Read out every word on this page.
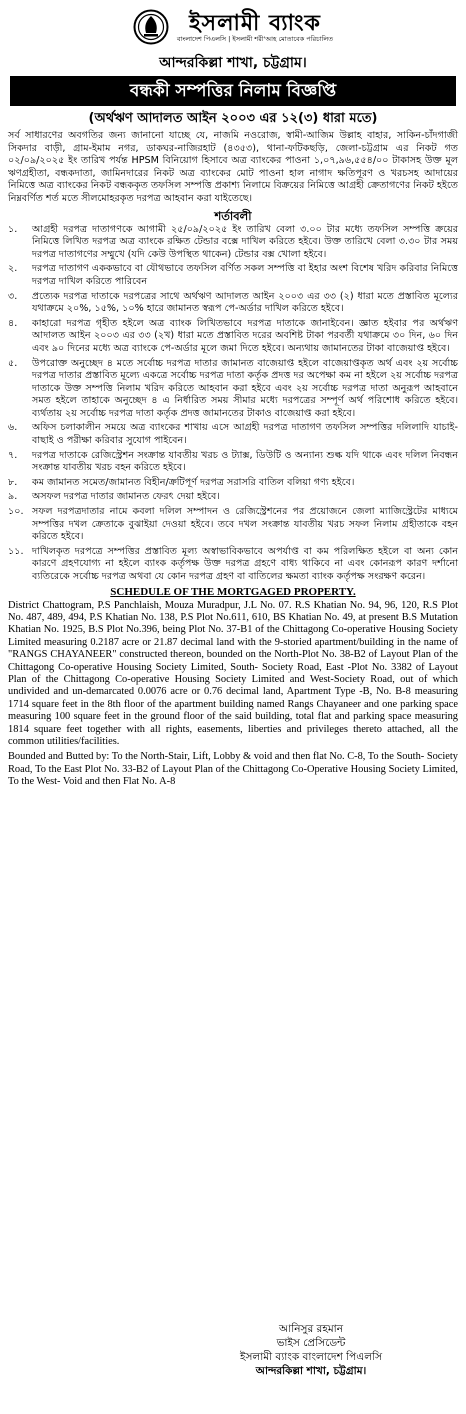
ইসলামী ব্যাংক
বাংলাদেশ পিএলসি | ইসলামী শরী'আহ মোতাবেক পরিচালিত
আন্দরকিল্লা শাখা, চট্টগ্রাম।
বন্ধকী সম্পত্তির নিলাম বিজ্ঞপ্তি
(অর্থঋণ আদালত আইন ২০০৩ এর ১২(৩) ধারা মতে)
সর্ব সাধারণের অবগতির জন্য জানানো যাচ্ছে যে, নাজমি নওরোজ, স্বামী-আজিম উল্লাহ বাহার, সাকিন-চাঁদগাজী সিকদার বাড়ী, গ্রাম-ইমাম নগর, ডাকঘর-নাজিরহাট (৪৩৫৩), থানা-ফটিকছড়ি, জেলা-চট্টগ্রাম এর নিকট গত ০২/০৯/২০২৫ ইং তারিখ পর্যন্ত HPSM বিনিয়োগ হিসাবে অত্র ব্যাংকের পাওনা ১,০৭,৯৬,৫৫৪/০০ টাকাসহ উক্ত মূল ঋণগ্রহীতা, বন্ধকদাতা, জামিনদারের নিকট অত্র ব্যাংকের মোট পাওনা হাল নাগাদ ক্ষতিপূরণ ও খরচসহ আদায়ের নিমিত্তে অত্র ব্যাংকের নিকট বন্ধককৃত তফসিল সম্পত্তি প্রকাশ্য নিলামে বিক্রয়ের নিমিত্তে আগ্রহী ক্রেতাগণের নিকট হইতে নিম্নবর্ণিত শর্ত মতে সীলমোহরকৃত দরপত্র আহবান করা যাইতেছে।
শর্তাবলী
১.	আগ্রহী দরপত্র দাতাগণকে আগামী ২৫/০৯/২০২৫ ইং তারিখ বেলা ৩.০০ টার মধ্যে তফসিল সম্পত্তি ক্রয়ের নিমিত্তে লিখিত দরপত্র অত্র ব্যাংকে রক্ষিত টেন্ডার বক্সে দাখিল করিতে হইবে। উক্ত তারিখে বেলা ৩.৩০ টার সময় দরপত্র দাতাগণের সম্মুখে (যদি কেউ উপস্থিত থাকেন) টেন্ডার বক্স খোলা হইবে।
২.	দরপত্র দাতাগণ এককভাবে বা যৌথভাবে তফসিল বর্ণিত সকল সম্পত্তি বা ইহার অংশ বিশেষ খরিদ করিবার নিমিত্তে দরপত্র দাখিল করিতে পারিবেন
৩.	প্রত্যেক দরপত্র দাতাকে দরপত্রের সাথে অর্থঋণ আদালত আইন ২০০৩ এর ৩৩ (২) ধারা মতে প্রস্তাবিত মূল্যের যথাক্রমে ২০%, ১৫%, ১০% হারে জামানত স্বরূপ পে-অর্ডার দাখিল করিতে হইবে।
৪.	কাহারো দরপত্র গৃহীত হইলে অত্র ব্যাংক লিখিতভাবে দরপত্র দাতাকে জানাইবেন। জ্ঞাত হইবার পর অর্থঋণ আদালত আইন ২০০৩ এর ৩৩ (২খ) ধারা মতে প্রস্তাবিত দরের অবশিষ্ট টাকা পরবর্তী যথাক্রমে ৩০ দিন, ৬০ দিন এবং ৯০ দিনের মধ্যে অত্র ব্যাংকে পে-অর্ডার মূলে জমা দিতে হইবে। অন্যথায় জামানতের টাকা বাজেয়াপ্ত হইবে।
৫.	উপরোক্ত অনুচ্ছেদ ৪ মতে সর্বোচ্চ দরপত্র দাতার জামানত বাজেয়াপ্ত হইলে বাজেয়াপ্তকৃত অর্থ এবং ২য় সর্বোচ্চ দরপত্র দাতার প্রস্তাবিত মূল্যে একত্রে সর্বোচ্চ দরপত্র দাতা কর্তৃক প্রদত্ত দর অপেক্ষা কম না হইলে ২য় সর্বোচ্চ দরপত্র দাতাকে উক্ত সম্পত্তি নিলাম খরিদ করিতে আহবান করা হইবে এবং ২য় সর্বোচ্চ দরপত্র দাতা অনুরূপ আহবানে সমত হইলে তাহাকে অনুচ্ছেদ ৪ এ নির্ধারিত সময় সীমার মধ্যে দরপত্রের সম্পূর্ণ অর্থ পরিশোধ করিতে হইবে। ব্যর্থতায় ২য় সর্বোচ্চ দরপত্র দাতা কর্তৃক প্রদত্ত জামানতের টাকাও বাজেয়াপ্ত করা হইবে।
৬.	অফিস চলাকালীন সময়ে অত্র ব্যাংকের শাখায় এসে আগ্রহী দরপত্র দাতাগণ তফসিল সম্পত্তির দলিলাদি যাচাই-বাছাই ও পরীক্ষা করিবার সুযোগ পাইবেন।
৭.	দরপত্র দাতাকে রেজিস্ট্রেশন সংক্রান্ত যাবতীয় খরচ ও ট্যাক্স, ডিউটি ও অন্যান্য শুল্ক যদি থাকে এবং দলিল নিবন্ধন সংক্রান্ত যাবতীয় খরচ বহন করিতে হইবে।
৮.	কম জামানত সমেত/জামানত বিহীন/ক্রটিপূর্ণ দরপত্র সরাসরি বাতিল বলিয়া গণ্য হইবে।
৯.	অসফল দরপত্র দাতার জামানত ফেরৎ দেয়া হইবে।
১০. সফল দরপত্রদাতার নামে কবলা দলিল সম্পাদন ও রেজিস্ট্রেশনের পর প্রয়োজনে জেলা ম্যাজিস্ট্রেটের মাধ্যমে সম্পত্তির দখল ক্রেতাকে বুঝাইয়া দেওয়া হইবে। তবে দখল সংক্রান্ত যাবতীয় খরচ সফল নিলাম গ্রহীতাকে বহন করিতে হইবে।
১১. দাখিলকৃত দরপত্রে সম্পত্তির প্রস্তাবিত মূল্য অস্বাভাবিকভাবে অপর্যাপ্ত বা কম পরিলক্ষিত হইলে বা অন্য কোন কারণে গ্রহণযোগ্য না হইলে ব্যাংক কর্তৃপক্ষ উক্ত দরপত্র গ্রহণে বাধ্য থাকিবে না এবং কোনরূপ কারণ দর্শানো ব্যতিরেকে সর্বোচ্চ দরপত্র অথবা যে কোন দরপত্র গ্রহণ বা বাতিলের ক্ষমতা ব্যাংক কর্তৃপক্ষ সংরক্ষণ করেন।
SCHEDULE OF THE MORTGAGED PROPERTY.
District Chattogram, P.S Panchlaish, Mouza Muradpur, J.L No. 07. R.S Khatian No. 94, 96, 120, R.S Plot No. 487, 489, 494, P.S Khatian No. 138, P.S Plot No.611, 610, BS Khatian No. 49, at present B.S Mutation Khatian No. 1925, B.S Plot No.396, being Plot No. 37-B1 of the Chittagong Co-operative Housing Society Limited measuring 0.2187 acre or 21.87 decimal land with the 9-storied apartment/building in the name of "RANGS CHAYANEER" constructed thereon, bounded on the North-Plot No. 38-B2 of Layout Plan of the Chittagong Co-operative Housing Society Limited, South- Society Road, East -Plot No. 3382 of Layout Plan of the Chittagong Co-operative Housing Society Limited and West-Society Road, out of which undivided and un-demarcated 0.0076 acre or 0.76 decimal land, Apartment Type -B, No. B-8 measuring 1714 square feet in the 8th floor of the apartment building named Rangs Chayaneer and one parking space measuring 100 square feet in the ground floor of the said building, total flat and parking space measuring 1814 square feet together with all rights, easements, liberties and privileges thereto attached, all the common utilities/facilities.
Bounded and Butted by: To the North-Stair, Lift, Lobby & void and then flat No. C-8, To the South- Society Road, To the East Plot No. 33-B2 of Layout Plan of the Chittagong Co-Operative Housing Society Limited, To the West- Void and then Flat No. A-8
আনিসুর রহমান
ভাইস প্রেসিডেন্ট
ইসলামী ব্যাংক বাংলাদেশ পিএলসি
আন্দরকিল্লা শাখা, চট্টগ্রাম।
